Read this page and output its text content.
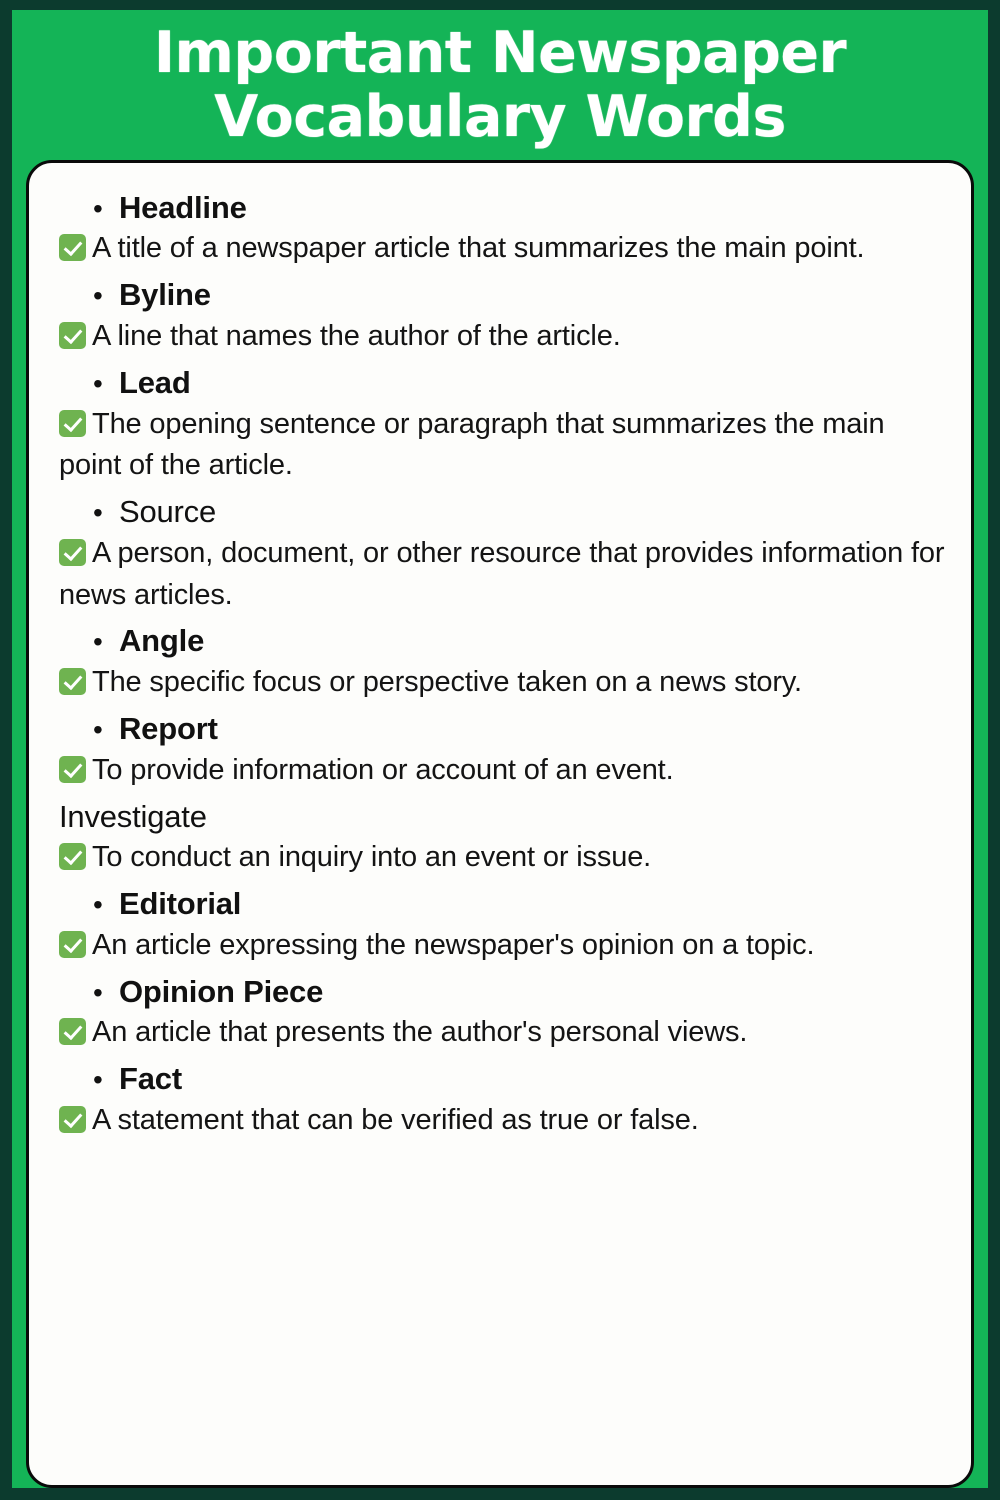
Important Newspaper
Vocabulary Words
• Headline
A title of a newspaper article that summarizes the main point.
• Byline
A line that names the author of the article.
• Lead
The opening sentence or paragraph that summarizes the main point of the article.
• Source
A person, document, or other resource that provides information for news articles.
• Angle
The specific focus or perspective taken on a news story.
• Report
To provide information or account of an event.
Investigate
To conduct an inquiry into an event or issue.
• Editorial
An article expressing the newspaper's opinion on a topic.
• Opinion Piece
An article that presents the author's personal views.
• Fact
A statement that can be verified as true or false.
